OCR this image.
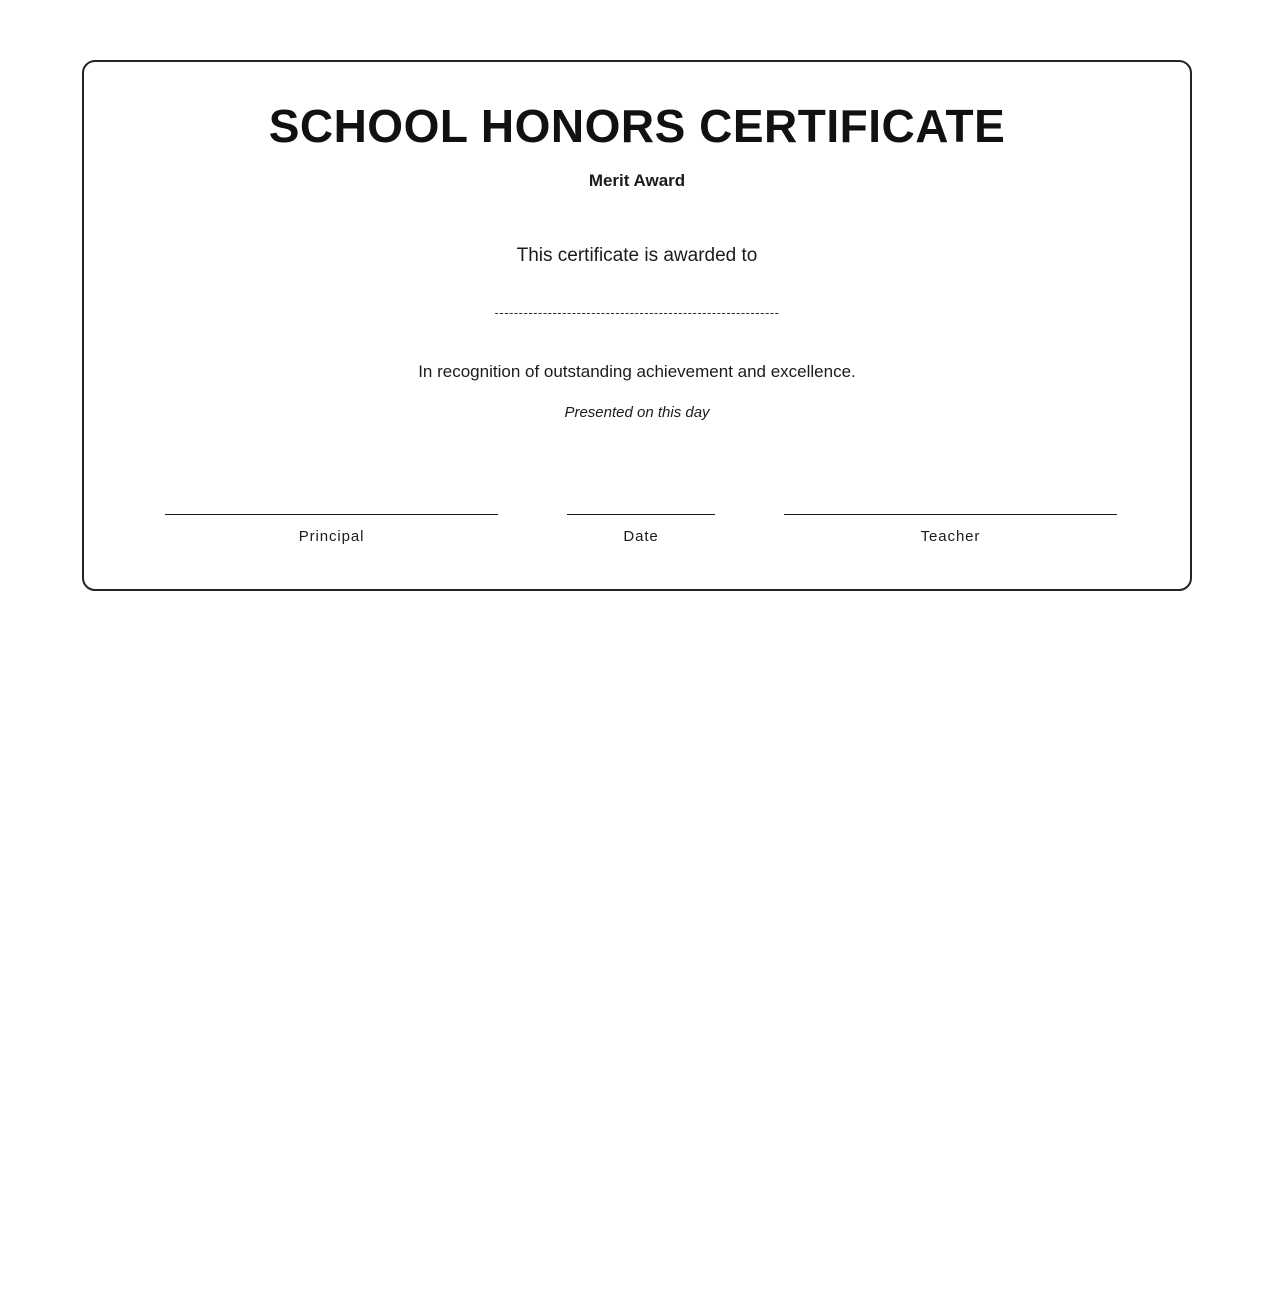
SCHOOL HONORS CERTIFICATE
Merit Award
This certificate is awarded to
-----------------------------------------------------------
In recognition of outstanding achievement and excellence.
Presented on this day
Principal	Date	Teacher
